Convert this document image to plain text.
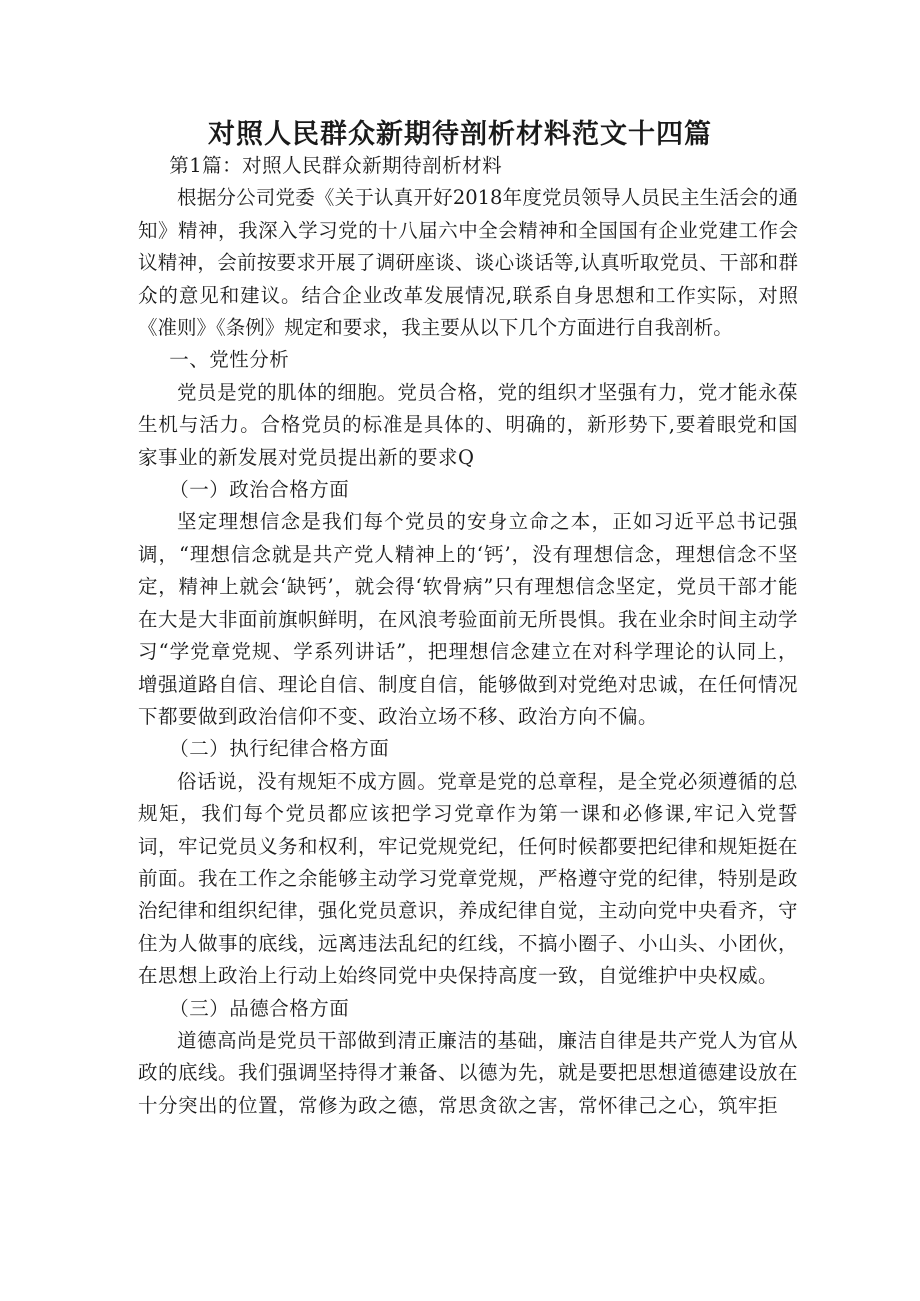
对照人民群众新期待剖析材料范文十四篇

第1篇：对照人民群众新期待剖析材料

根据分公司党委《关于认真开好2018年度党员领导人员民主生活会的通知》精神，我深入学习党的十八届六中全会精神和全国国有企业党建工作会议精神，会前按要求开展了调研座谈、谈心谈话等,认真听取党员、干部和群众的意见和建议。结合企业改革发展情况,联系自身思想和工作实际，对照《准则》《条例》规定和要求，我主要从以下几个方面进行自我剖析。

一、党性分析

党员是党的肌体的细胞。党员合格，党的组织才坚强有力，党才能永葆生机与活力。合格党员的标准是具体的、明确的，新形势下,要着眼党和国家事业的新发展对党员提出新的要求Q

（一）政治合格方面

坚定理想信念是我们每个党员的安身立命之本，正如习近平总书记强调，“理想信念就是共产党人精神上的‘钙’，没有理想信念，理想信念不坚定，精神上就会‘缺钙’，就会得‘软骨病”只有理想信念坚定，党员干部才能在大是大非面前旗帜鲜明，在风浪考验面前无所畏惧。我在业余时间主动学习“学党章党规、学系列讲话”，把理想信念建立在对科学理论的认同上，增强道路自信、理论自信、制度自信，能够做到对党绝对忠诚，在任何情况下都要做到政治信仰不变、政治立场不移、政治方向不偏。

（二）执行纪律合格方面

俗话说，没有规矩不成方圆。党章是党的总章程，是全党必须遵循的总规矩，我们每个党员都应该把学习党章作为第一课和必修课,牢记入党誓词，牢记党员义务和权利，牢记党规党纪，任何时候都要把纪律和规矩挺在前面。我在工作之余能够主动学习党章党规，严格遵守党的纪律，特别是政治纪律和组织纪律，强化党员意识，养成纪律自觉，主动向党中央看齐，守住为人做事的底线，远离违法乱纪的红线，不搞小圈子、小山头、小团伙，在思想上政治上行动上始终同党中央保持高度一致，自觉维护中央权威。

（三）品德合格方面

道德高尚是党员干部做到清正廉洁的基础，廉洁自律是共产党人为官从政的底线。我们强调坚持得才兼备、以德为先，就是要把思想道德建设放在十分突出的位置，常修为政之德，常思贪欲之害，常怀律己之心，筑牢拒
